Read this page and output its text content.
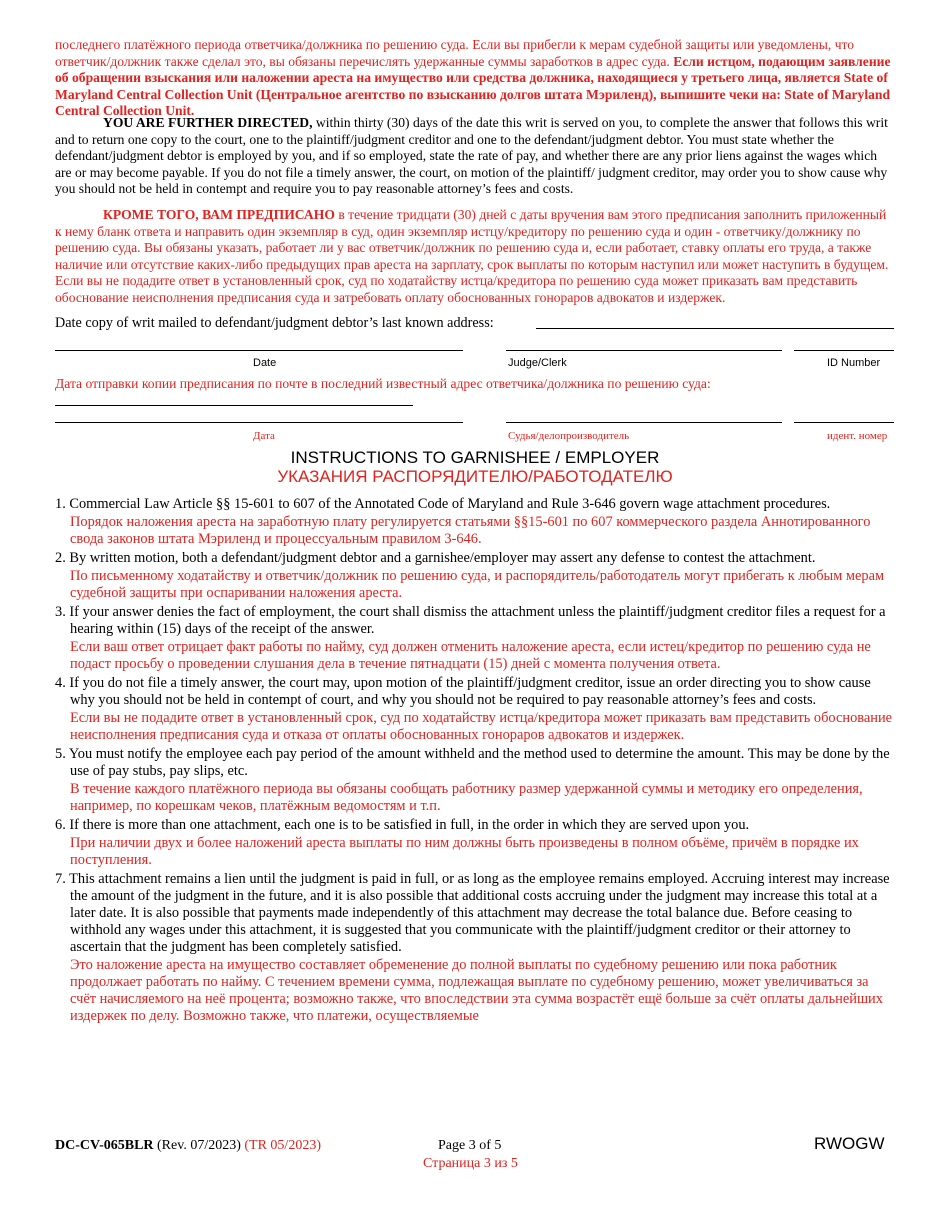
последнего платёжного периода ответчика/должника по решению суда. Если вы прибегли к мерам судебной защиты или уведомлены, что ответчик/должник также сделал это, вы обязаны перечислять удержанные суммы заработков в адрес суда. Если истцом, подающим заявление об обращении взыскания или наложении ареста на имущество или средства должника, находящиеся у третьего лица, является State of Maryland Central Collection Unit (Центральное агентство по взысканию долгов штата Мэриленд), выпишите чеки на: State of Maryland Central Collection Unit.

YOU ARE FURTHER DIRECTED, within thirty (30) days of the date this writ is served on you, to complete the answer that follows this writ and to return one copy to the court, one to the plaintiff/judgment creditor and one to the defendant/judgment debtor. You must state whether the defendant/judgment debtor is employed by you, and if so employed, state the rate of pay, and whether there are any prior liens against the wages which are or may become payable. If you do not file a timely answer, the court, on motion of the plaintiff/ judgment creditor, may order you to show cause why you should not be held in contempt and require you to pay reasonable attorney’s fees and costs.

КРОМЕ ТОГО, ВАМ ПРЕДПИСАНО в течение тридцати (30) дней с даты вручения вам этого предписания заполнить приложенный к нему бланк ответа и направить один экземпляр в суд, один экземпляр истцу/кредитору по решению суда и один - ответчику/должнику по решению суда. Вы обязаны указать, работает ли у вас ответчик/должник по решению суда и, если работает, ставку оплаты его труда, а также наличие или отсутствие каких-либо предыдущих прав ареста на зарплату, срок выплаты по которым наступил или может наступить в будущем. Если вы не подадите ответ в установленный срок, суд по ходатайству истца/кредитора по решению суда может приказать вам представить обоснование неисполнения предписания суда и затребовать оплату обоснованных гонораров адвокатов и издержек.

Date copy of writ mailed to defendant/judgment debtor’s last known address:
Date	Judge/Clerk	ID Number
Дата отправки копии предписания по почте в последний известный адрес ответчика/должника по решению суда:
Дата	Судья/делопроизводитель	идент. номер
INSTRUCTIONS TO GARNISHEE / EMPLOYER
УКАЗАНИЯ РАСПОРЯДИТЕЛЮ/РАБОТОДАТЕЛЮ
1. Commercial Law Article §§ 15-601 to 607 of the Annotated Code of Maryland and Rule 3-646 govern wage attachment procedures.
Порядок наложения ареста на заработную плату регулируется статьями §§15-601 по 607 коммерческого раздела Аннотированного свода законов штата Мэриленд и процессуальным правилом 3-646.
2. By written motion, both a defendant/judgment debtor and a garnishee/employer may assert any defense to contest the attachment.
По письменному ходатайству и ответчик/должник по решению суда, и распорядитель/работодатель могут прибегать к любым мерам судебной защиты при оспаривании наложения ареста.
3. If your answer denies the fact of employment, the court shall dismiss the attachment unless the plaintiff/judgment creditor files a request for a hearing within (15) days of the receipt of the answer.
Если ваш ответ отрицает факт работы по найму, суд должен отменить наложение ареста, если истец/кредитор по решению суда не подаст просьбу о проведении слушания дела в течение пятнадцати (15) дней с момента получения ответа.
4. If you do not file a timely answer, the court may, upon motion of the plaintiff/judgment creditor, issue an order directing you to show cause why you should not be held in contempt of court, and why you should not be required to pay reasonable attorney’s fees and costs.
Если вы не подадите ответ в установленный срок, суд по ходатайству истца/кредитора может приказать вам представить обоснование неисполнения предписания суда и отказа от оплаты обоснованных гонораров адвокатов и издержек.
5. You must notify the employee each pay period of the amount withheld and the method used to determine the amount. This may be done by the use of pay stubs, pay slips, etc.
В течение каждого платёжного периода вы обязаны сообщать работнику размер удержанной суммы и методику его определения, например, по корешкам чеков, платёжным ведомостям и т.п.
6. If there is more than one attachment, each one is to be satisfied in full, in the order in which they are served upon you.
При наличии двух и более наложений ареста выплаты по ним должны быть произведены в полном объёме, причём в порядке их поступления.
7. This attachment remains a lien until the judgment is paid in full, or as long as the employee remains employed. Accruing interest may increase the amount of the judgment in the future, and it is also possible that additional costs accruing under the judgment may increase this total at a later date. It is also possible that payments made independently of this attachment may decrease the total balance due. Before ceasing to withhold any wages under this attachment, it is suggested that you communicate with the plaintiff/judgment creditor or their attorney to ascertain that the judgment has been completely satisfied.
Это наложение ареста на имущество составляет обременение до полной выплаты по судебному решению или пока работник продолжает работать по найму. С течением времени сумма, подлежащая выплате по судебному решению, может увеличиваться за счёт начисляемого на неё процента; возможно также, что впоследствии эта сумма возрастёт ещё больше за счёт оплаты дальнейших издержек по делу. Возможно также, что платежи, осуществляемые
DC-CV-065BLR (Rev. 07/2023) (TR 05/2023)	Page 3 of 5
Страница 3 из 5
RWOGW
